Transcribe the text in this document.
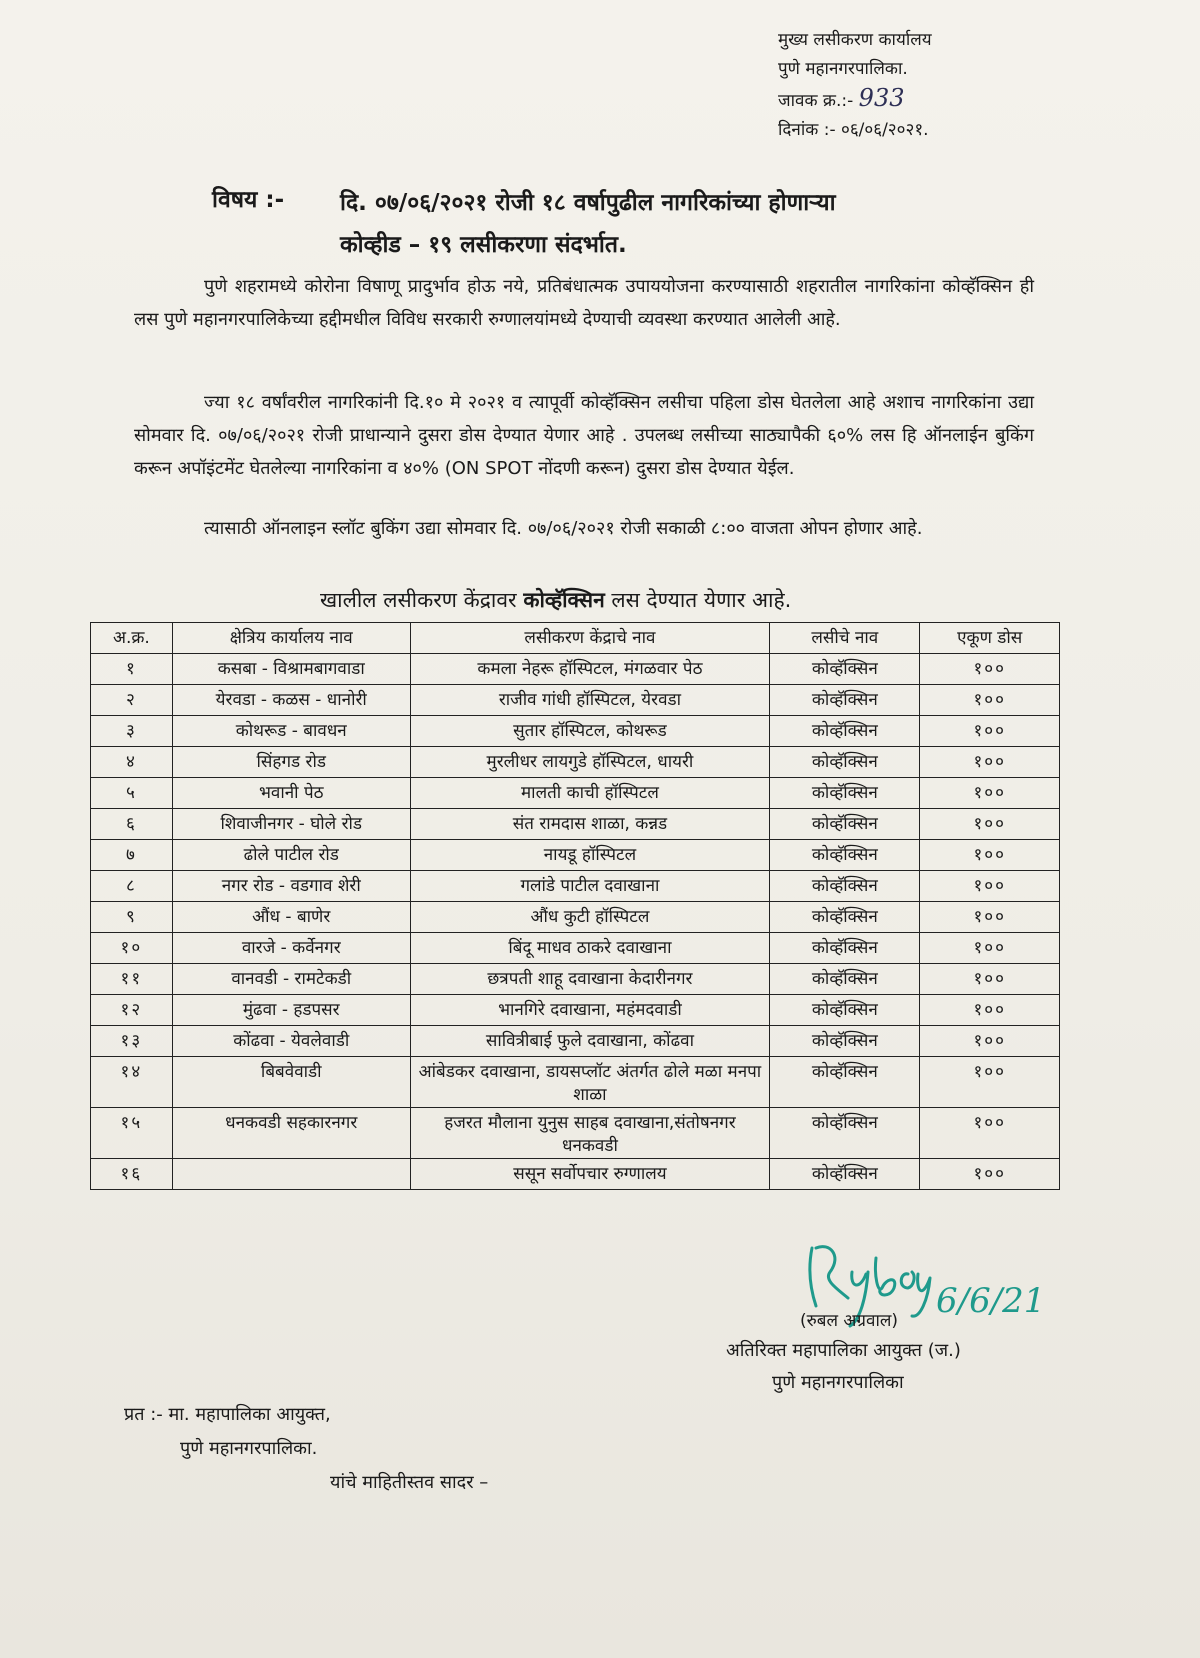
मुख्य लसीकरण कार्यालय
पुणे महानगरपालिका.
जावक क्र.:- 933
दिनांक :- ०६/०६/२०२१.
विषय :- दि. ०७/०६/२०२१ रोजी १८ वर्षापुढील नागरिकांच्या होणाऱ्या
कोव्हीड – १९ लसीकरणा संदर्भात.
पुणे शहरामध्ये कोरोना विषाणू प्रादुर्भाव होऊ नये, प्रतिबंधात्मक उपाययोजना करण्यासाठी शहरातील नागरिकांना कोव्हॅक्सिन ही लस पुणे महानगरपालिकेच्या हद्दीमधील विविध सरकारी रुग्णालयांमध्ये देण्याची व्यवस्था करण्यात आलेली आहे.
ज्या १८ वर्षांवरील नागरिकांनी दि.१० मे २०२१ व त्यापूर्वी कोव्हॅक्सिन लसीचा पहिला डोस घेतलेला आहे अशाच नागरिकांना उद्या सोमवार दि. ०७/०६/२०२१ रोजी प्राधान्याने दुसरा डोस देण्यात येणार आहे . उपलब्ध लसीच्या साठ्यापैकी ६०% लस हि ऑनलाईन बुकिंग करून अपॉइंटमेंट घेतलेल्या नागरिकांना व ४०% (ON SPOT नोंदणी करून) दुसरा डोस देण्यात येईल.
त्यासाठी ऑनलाइन स्लॉट बुकिंग उद्या सोमवार दि. ०७/०६/२०२१ रोजी सकाळी ८:०० वाजता ओपन होणार आहे.
खालील लसीकरण केंद्रावर कोव्हॅक्सिन लस देण्यात येणार आहे.
अ.क्र.	क्षेत्रिय कार्यालय नाव	लसीकरण केंद्राचे नाव	लसीचे नाव	एकूण डोस
१	कसबा - विश्रामबागवाडा	कमला नेहरू हॉस्पिटल, मंगळवार पेठ	कोव्हॅक्सिन	१००
२	येरवडा - कळस - धानोरी	राजीव गांधी हॉस्पिटल, येरवडा	कोव्हॅक्सिन	१००
३	कोथरूड - बावधन	सुतार हॉस्पिटल, कोथरूड	कोव्हॅक्सिन	१००
४	सिंहगड रोड	मुरलीधर लायगुडे हॉस्पिटल, धायरी	कोव्हॅक्सिन	१००
५	भवानी पेठ	मालती काची हॉस्पिटल	कोव्हॅक्सिन	१००
६	शिवाजीनगर - घोले रोड	संत रामदास शाळा, कन्नड	कोव्हॅक्सिन	१००
७	ढोले पाटील रोड	नायडू हॉस्पिटल	कोव्हॅक्सिन	१००
८	नगर रोड - वडगाव शेरी	गलांडे पाटील दवाखाना	कोव्हॅक्सिन	१००
९	औंध - बाणेर	औंध कुटी हॉस्पिटल	कोव्हॅक्सिन	१००
१०	वारजे - कर्वेनगर	बिंदू माधव ठाकरे दवाखाना	कोव्हॅक्सिन	१००
११	वानवडी - रामटेकडी	छत्रपती शाहू दवाखाना केदारीनगर	कोव्हॅक्सिन	१००
१२	मुंढवा - हडपसर	भानगिरे दवाखाना, महंमदवाडी	कोव्हॅक्सिन	१००
१३	कोंढवा - येवलेवाडी	सावित्रीबाई फुले दवाखाना, कोंढवा	कोव्हॅक्सिन	१००
१४	बिबवेवाडी	आंबेडकर दवाखाना, डायसप्लॉट अंतर्गत ढोले मळा मनपा शाळा	कोव्हॅक्सिन	१००
१५	धनकवडी सहकारनगर	हजरत मौलाना युनुस साहब दवाखाना,संतोषनगर धनकवडी	कोव्हॅक्सिन	१००
१६		ससून सर्वोपचार रुग्णालय	कोव्हॅक्सिन	१००
6/6/21
(रुबल अग्रवाल)
अतिरिक्त महापालिका आयुक्त (ज.)
पुणे महानगरपालिका
प्रत :- मा. महापालिका आयुक्त,
पुणे महानगरपालिका.
यांचे माहितीस्तव सादर –
